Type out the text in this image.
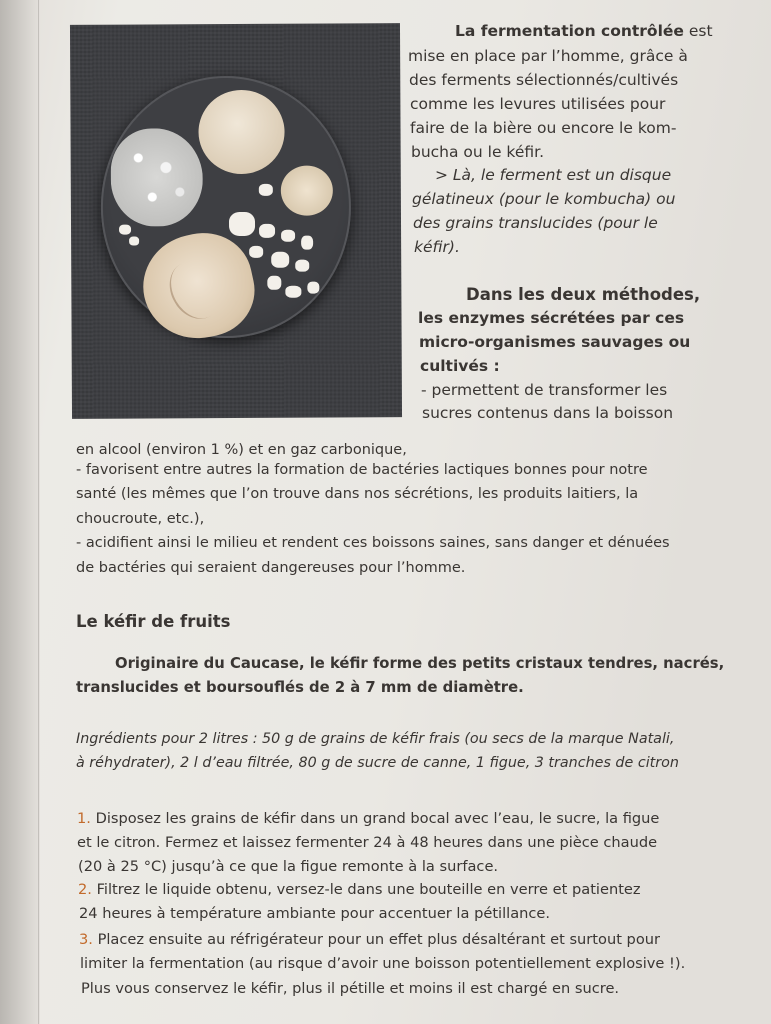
La fermentation contrôlée est
mise en place par l’homme, grâce à
des ferments sélectionnés/cultivés
comme les levures utilisées pour
faire de la bière ou encore le kom-
bucha ou le kéfir.
> Là, le ferment est un disque
gélatineux (pour le kombucha) ou
des grains translucides (pour le
kéfir).
Dans les deux méthodes,
les enzymes sécrétées par ces
micro-organismes sauvages ou
cultivés :
- permettent de transformer les
sucres contenus dans la boisson
en alcool (environ 1 %) et en gaz carbonique,
- favorisent entre autres la formation de bactéries lactiques bonnes pour notre
santé (les mêmes que l’on trouve dans nos sécrétions, les produits laitiers, la
choucroute, etc.),
- acidifient ainsi le milieu et rendent ces boissons saines, sans danger et dénuées
de bactéries qui seraient dangereuses pour l’homme.
Le kéfir de fruits
Originaire du Caucase, le kéfir forme des petits cristaux tendres, nacrés,
translucides et boursouflés de 2 à 7 mm de diamètre.
Ingrédients pour 2 litres : 50 g de grains de kéfir frais (ou secs de la marque Natali,
à réhydrater), 2 l d’eau filtrée, 80 g de sucre de canne, 1 figue, 3 tranches de citron
1. Disposez les grains de kéfir dans un grand bocal avec l’eau, le sucre, la figue
et le citron. Fermez et laissez fermenter 24 à 48 heures dans une pièce chaude
(20 à 25 °C) jusqu’à ce que la figue remonte à la surface.
2. Filtrez le liquide obtenu, versez-le dans une bouteille en verre et patientez
24 heures à température ambiante pour accentuer la pétillance.
3. Placez ensuite au réfrigérateur pour un effet plus désaltérant et surtout pour
limiter la fermentation (au risque d’avoir une boisson potentiellement explosive !).
Plus vous conservez le kéfir, plus il pétille et moins il est chargé en sucre.
